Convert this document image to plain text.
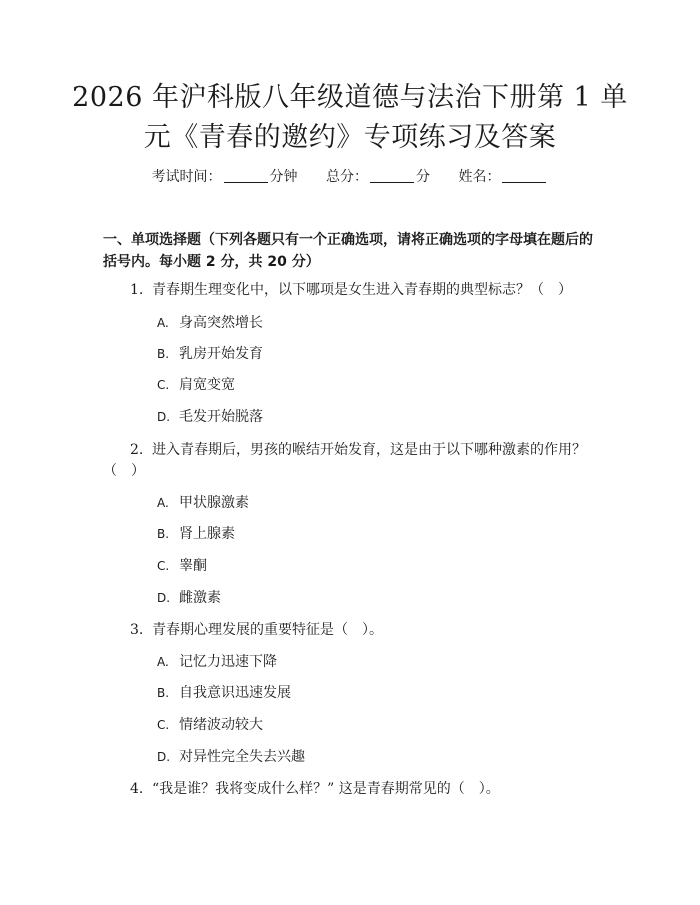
2026 年沪科版八年级道德与法治下册第 1 单
元《青春的邀约》专项练习及答案
考试时间：	分钟 总分：	分 姓名：
一、单项选择题（下列各题只有一个正确选项，请将正确选项的字母填在题后的
括号内。每小题 2 分，共 20 分）
1. 青春期生理变化中，以下哪项是女生进入青春期的典型标志？（　）
A. 身高突然增长
B. 乳房开始发育
C. 肩宽变宽
D. 毛发开始脱落
2. 进入青春期后，男孩的喉结开始发育，这是由于以下哪种激素的作用？
（　）
A. 甲状腺激素
B. 肾上腺素
C. 睾酮
D. 雌激素
3. 青春期心理发展的重要特征是（　）。
A. 记忆力迅速下降
B. 自我意识迅速发展
C. 情绪波动较大
D. 对异性完全失去兴趣
4. “我是谁？我将变成什么样？” 这是青春期常见的（　）。
